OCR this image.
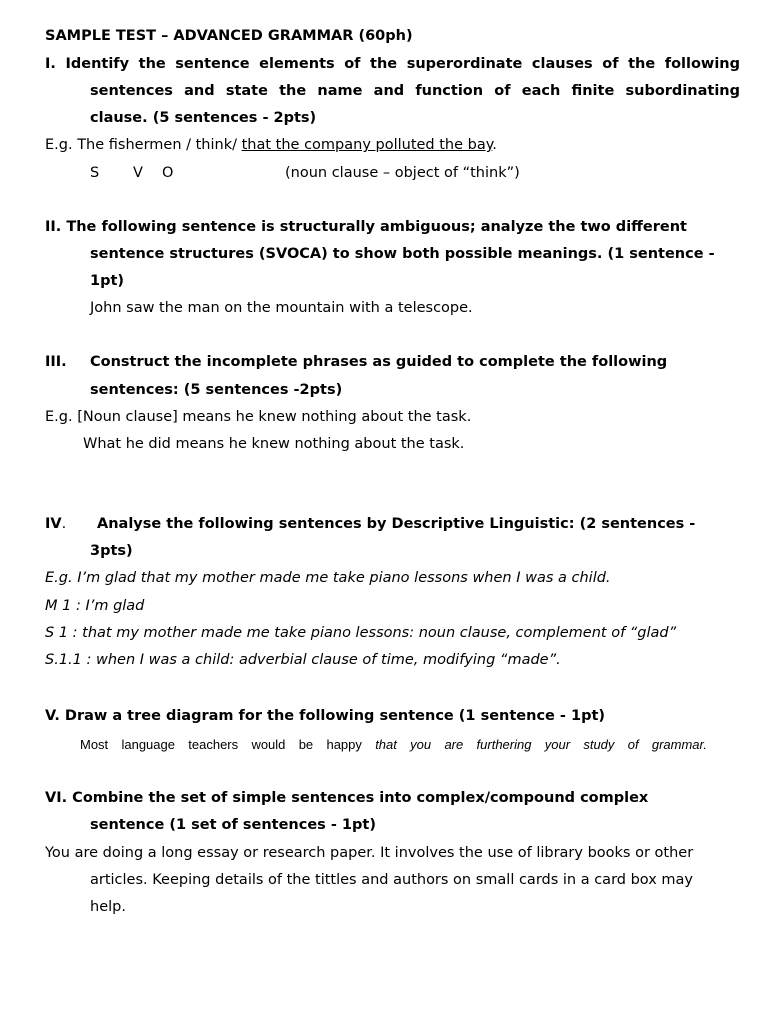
SAMPLE TEST – ADVANCED GRAMMAR (60ph)
I. Identify the sentence elements of the superordinate clauses of the following
sentences and state the name and function of each finite subordinating
clause. (5 sentences - 2pts)
E.g. The fishermen / think/ that the company polluted the bay.
S V O	(noun clause – object of “think”)
II. The following sentence is structurally ambiguous; analyze the two different
sentence structures (SVOCA) to show both possible meanings. (1 sentence -
1pt)
John saw the man on the mountain with a telescope.
III. Construct the incomplete phrases as guided to complete the following
sentences: (5 sentences -2pts)
E.g. [Noun clause] means he knew nothing about the task.
What he did means he knew nothing about the task.
IV. Analyse the following sentences by Descriptive Linguistic: (2 sentences -
3pts)
E.g. I’m glad that my mother made me take piano lessons when I was a child.
M 1 : I’m glad
S 1 : that my mother made me take piano lessons: noun clause, complement of “glad”
S.1.1 : when I was a child: adverbial clause of time, modifying “made”.
V. Draw a tree diagram for the following sentence (1 sentence - 1pt)
Most language teachers would be happy that you are furthering your study of grammar.
VI. Combine the set of simple sentences into complex/compound complex
sentence (1 set of sentences - 1pt)
You are doing a long essay or research paper. It involves the use of library books or other
articles. Keeping details of the tittles and authors on small cards in a card box may
help.
